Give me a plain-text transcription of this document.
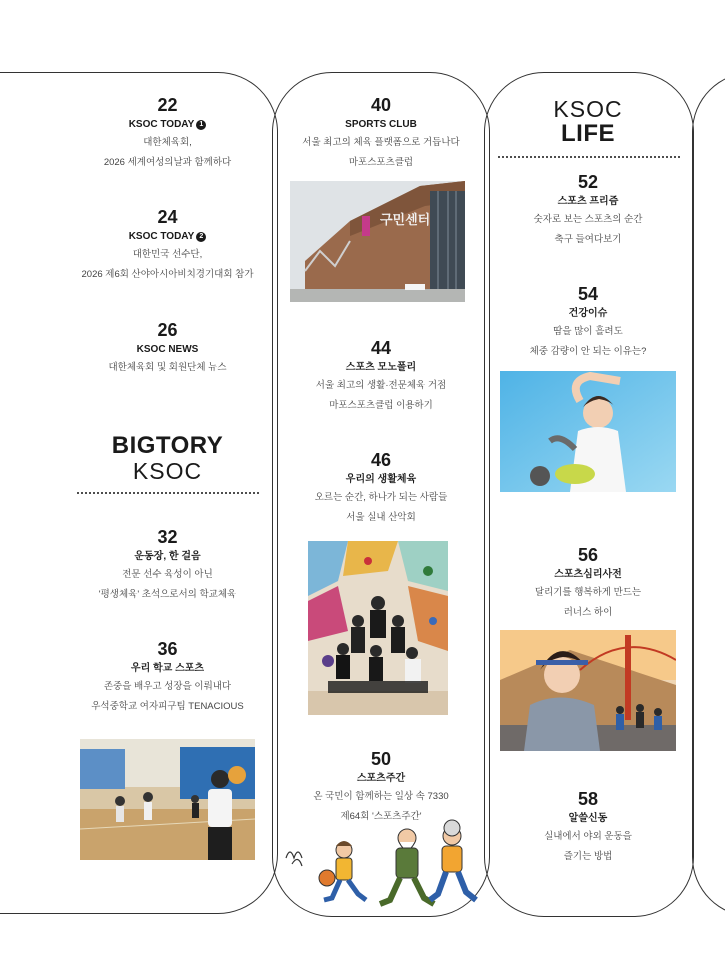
22
KSOC TODAY 1
대한체육회,
2026 세계여성의날과 함께하다
24
KSOC TODAY 2
대한민국 선수단,
2026 제6회 산야아시아비치경기대회 참가
26
KSOC NEWS
대한체육회 및 회원단체 뉴스
BIGTORY
KSOC
32
운동장, 한 걸음
전문 선수 육성이 아닌
'평생체육' 초석으로서의 학교체육
36
우리 학교 스포츠
존중을 배우고 성장을 이뤄내다
우석중학교 여자피구팀 TENACIOUS
40
SPORTS CLUB
서울 최고의 체육 플랫폼으로 거듭나다
마포스포츠클럽
구민센터
44
스포츠 모노폴리
서울 최고의 생활·전문체육 거점
마포스포츠클럽 이용하기
46
우리의 생활체육
오르는 순간, 하나가 되는 사람들
서울 실내 산악회
50
스포츠주간
온 국민이 함께하는 일상 속 7330
제64회 '스포츠주간'
KSOC
LIFE
52
스포츠 프리즘
숫자로 보는 스포츠의 순간
축구 들여다보기
54
건강이슈
땀을 많이 흘려도
체중 감량이 안 되는 이유는?
56
스포츠심리사전
달리기를 행복하게 만드는
러너스 하이
58
알쓸신동
실내에서 야외 운동을
즐기는 방법
